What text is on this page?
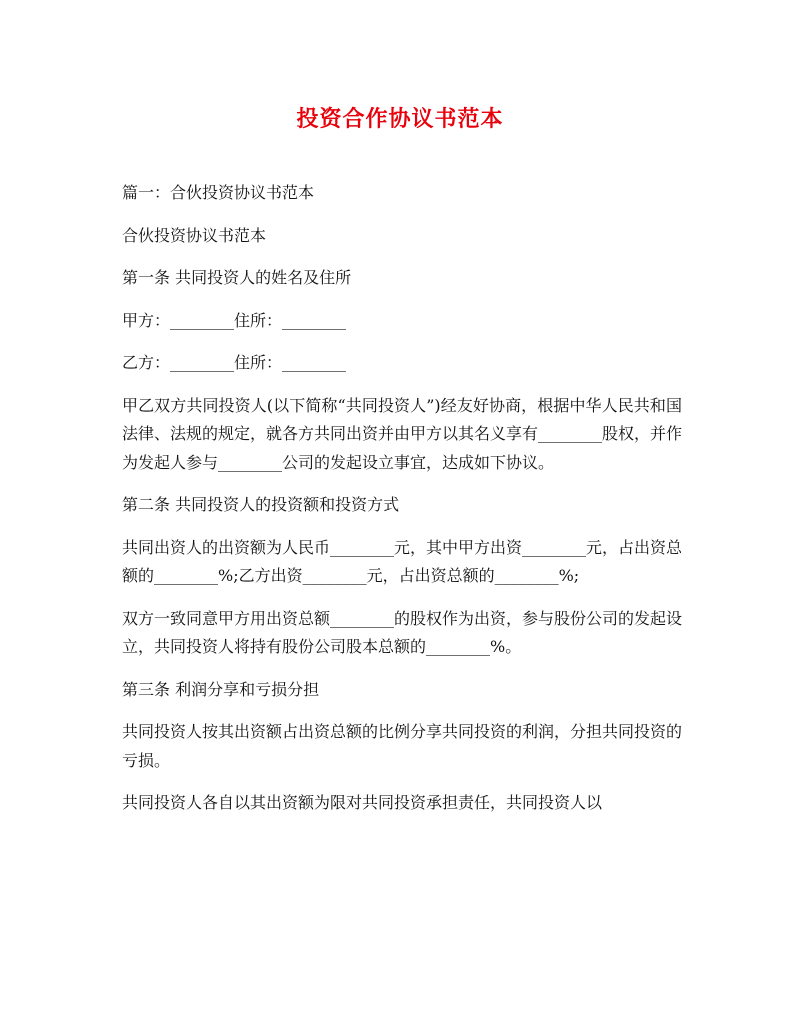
投资合作协议书范本

篇一：合伙投资协议书范本

合伙投资协议书范本

第一条 共同投资人的姓名及住所

甲方：________住所：________

乙方：________住所：________

甲乙双方共同投资人(以下简称“共同投资人”)经友好协商，根据中华人民共和国法律、法规的规定，就各方共同出资并由甲方以其名义享有________股权，并作为发起人参与________公司的发起设立事宜，达成如下协议。

第二条 共同投资人的投资额和投资方式

共同出资人的出资额为人民币________元，其中甲方出资________元，占出资总额的________%;乙方出资________元，占出资总额的________%;

双方一致同意甲方用出资总额________的股权作为出资，参与股份公司的发起设立，共同投资人将持有股份公司股本总额的________%。

第三条 利润分享和亏损分担

共同投资人按其出资额占出资总额的比例分享共同投资的利润，分担共同投资的亏损。

共同投资人各自以其出资额为限对共同投资承担责任，共同投资人以
